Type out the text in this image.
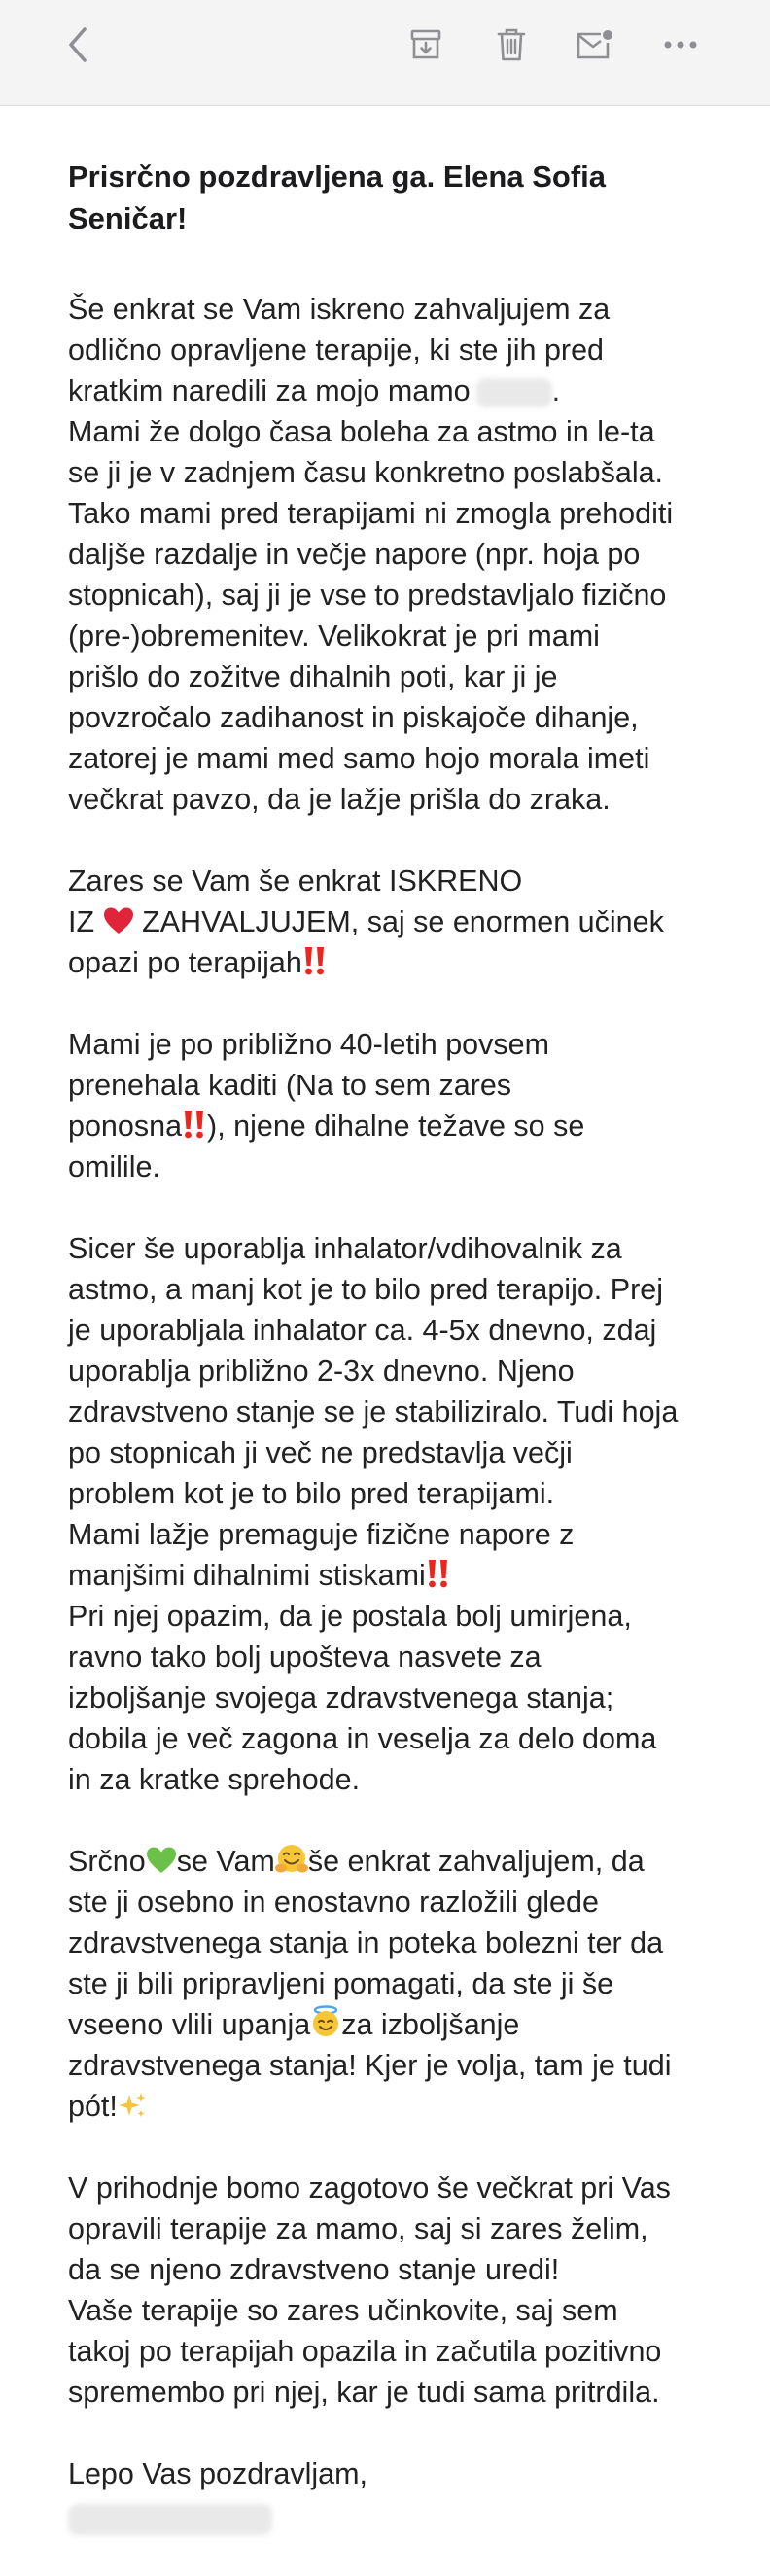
Prisrčno pozdravljena ga. Elena Sofia
Seničar!
Še enkrat se Vam iskreno zahvaljujem za
odlično opravljene terapije, ki ste jih pred
kratkim naredili za mojo mamo	.
Mami že dolgo časa boleha za astmo in le-ta
se ji je v zadnjem času konkretno poslabšala.
Tako mami pred terapijami ni zmogla prehoditi
daljše razdalje in večje napore (npr. hoja po
stopnicah), saj ji je vse to predstavljalo fizično
(pre-)obremenitev. Velikokrat je pri mami
prišlo do zožitve dihalnih poti, kar ji je
povzročalo zadihanost in piskajoče dihanje,
zatorej je mami med samo hojo morala imeti
večkrat pavzo, da je lažje prišla do zraka.
Zares se Vam še enkrat ISKRENO
IZ ZAHVALJUJEM, saj se enormen učinek
opazi po terapijah
Mami je po približno 40-letih povsem
prenehala kaditi (Na to sem zares
ponosna ), njene dihalne težave so se
omilile.
Sicer še uporablja inhalator/vdihovalnik za
astmo, a manj kot je to bilo pred terapijo. Prej
je uporabljala inhalator ca. 4-5x dnevno, zdaj
uporablja približno 2-3x dnevno. Njeno
zdravstveno stanje se je stabiliziralo. Tudi hoja
po stopnicah ji več ne predstavlja večji
problem kot je to bilo pred terapijami.
Mami lažje premaguje fizične napore z
manjšimi dihalnimi stiskami
Pri njej opazim, da je postala bolj umirjena,
ravno tako bolj upošteva nasvete za
izboljšanje svojega zdravstvenega stanja;
dobila je več zagona in veselja za delo doma
in za kratke sprehode.
Srčno se Vam še enkrat zahvaljujem, da
ste ji osebno in enostavno razložili glede
zdravstvenega stanja in poteka bolezni ter da
ste ji bili pripravljeni pomagati, da ste ji še
vseeno vlili upanja za izboljšanje
zdravstvenega stanja! Kjer je volja, tam je tudi
pót!
V prihodnje bomo zagotovo še večkrat pri Vas
opravili terapije za mamo, saj si zares želim,
da se njeno zdravstveno stanje uredi!
Vaše terapije so zares učinkovite, saj sem
takoj po terapijah opazila in začutila pozitivno
spremembo pri njej, kar je tudi sama pritrdila.
Lepo Vas pozdravljam,
